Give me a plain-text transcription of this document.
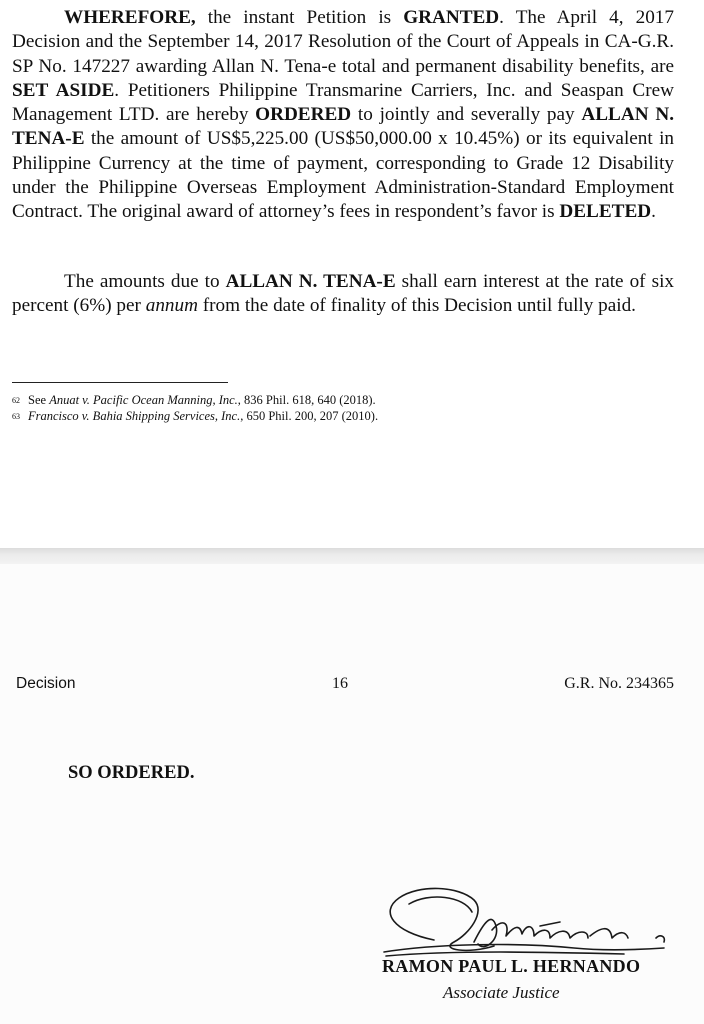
WHEREFORE, the instant Petition is GRANTED. The April 4, 2017 Decision and the September 14, 2017 Resolution of the Court of Appeals in CA-G.R. SP No. 147227 awarding Allan N. Tena-e total and permanent disability benefits, are SET ASIDE. Petitioners Philippine Transmarine Carriers, Inc. and Seaspan Crew Management LTD. are hereby ORDERED to jointly and severally pay ALLAN N. TENA-E the amount of US$5,225.00 (US$50,000.00 x 10.45%) or its equivalent in Philippine Currency at the time of payment, corresponding to Grade 12 Disability under the Philippine Overseas Employment Administration-Standard Employment Contract. The original award of attorney’s fees in respondent’s favor is DELETED.

The amounts due to ALLAN N. TENA-E shall earn interest at the rate of six percent (6%) per annum from the date of finality of this Decision until fully paid.

$^{62}$ See Anuat v. Pacific Ocean Manning, Inc., 836 Phil. 618, 640 (2018).

$^{63}$ Francisco v. Bahia Shipping Services, Inc., 650 Phil. 200, 207 (2010).

Decision	16	G.R. No. 234365
SO ORDERED.
RAMON PAUL L. HERNANDO
Associate Justice
